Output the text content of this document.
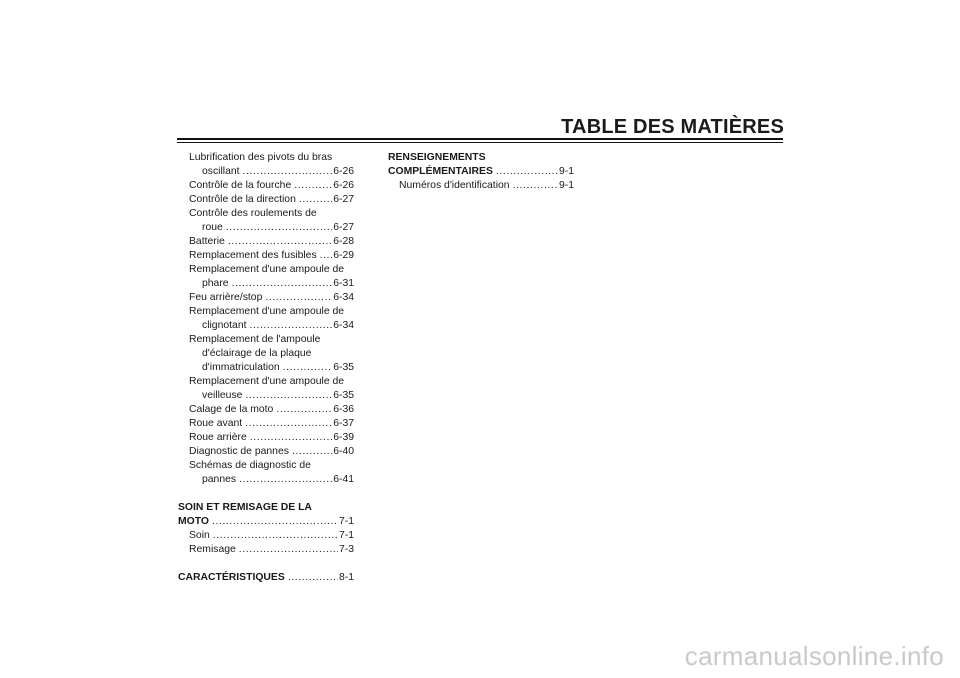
TABLE DES MATIÈRES
Lubrification des pivots du bras
oscillant .....	6-26
Contrôle de la fourche .....	6-26
Contrôle de la direction .....	6-27
Contrôle des roulements de
roue .....	6-27
Batterie .....	6-28
Remplacement des fusibles ..... 6-29
Remplacement d'une ampoule de
phare .....	6-31
Feu arrière/stop .....	6-34
Remplacement d'une ampoule de
clignotant .....	6-34
Remplacement de l'ampoule
d'éclairage de la plaque
d'immatriculation .....	6-35
Remplacement d'une ampoule de
veilleuse .....	6-35
Calage de la moto .....	6-36
Roue avant .....	6-37
Roue arrière .....	6-39
Diagnostic de pannes .....	6-40
Schémas de diagnostic de
pannes .....	6-41
SOIN ET REMISAGE DE LA
MOTO .....	7-1
Soin .....	7-1
Remisage .....	7-3
CARACTÉRISTIQUES .....	8-1
RENSEIGNEMENTS
COMPLÉMENTAIRES .....	9-1
Numéros d'identification .....	9-1
carmanualsonline.info
